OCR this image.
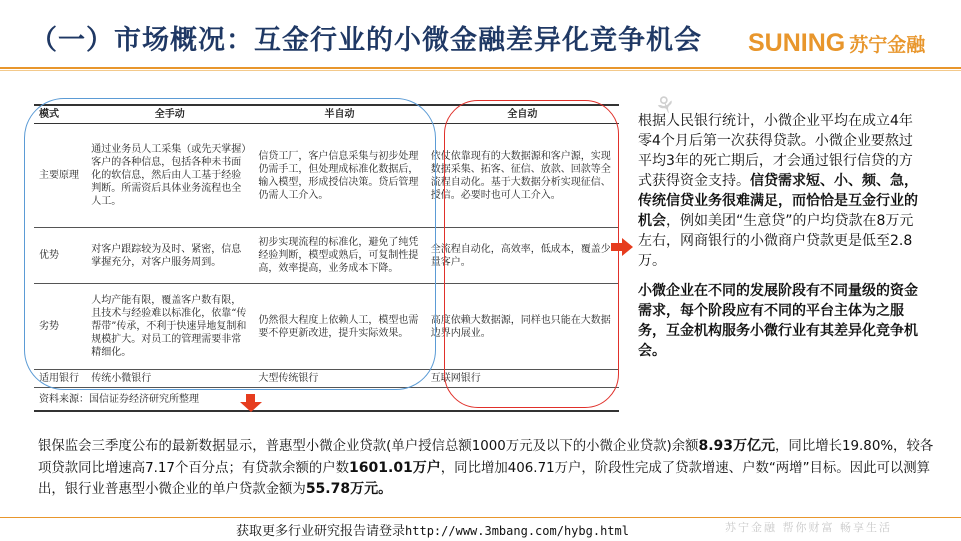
（一）市场概况：互金行业的小微金融差异化竞争机会 SUNING 苏宁金融
模式	全手动	半自动	全自动
主要原理	通过业务员人工采集（或先天掌握）客户的各种信息，包括各种未书面化的软信息，然后由人工基于经验判断。所需资后具体业务流程也全人工。	信贷工厂，客户信息采集与初步处理仍需手工，但处理成标准化数据后，输入模型，形成授信决策。贷后管理仍需人工介入。	依仗依靠现有的大数据源和客户源，实现数据采集、拓客、征信、放款、回款等全流程自动化。基于大数据分析实现征信、授信。必要时也可人工介入。
优势	对客户跟踪较为及时、紧密，信息掌握充分，对客户服务周到。	初步实现流程的标准化，避免了纯凭经验判断，模型或熟后，可复制性提高，效率提高，业务成本下降。	全流程自动化，高效率，低成本，覆盖少量客户。
劣势	人均产能有限，覆盖客户数有限，且技术与经验难以标准化，依靠“传帮带”传承，不利于快速异地复制和规模扩大。对员工的管理需要非常精细化。	仍然很大程度上依赖人工，模型也需要不停更新改进，提升实际效果。	高度依赖大数据源，同样也只能在大数据边界内展业。
适用银行	传统小微银行	大型传统银行	互联网银行
资料来源：国信证券经济研究所整理			
⚘

根据人民银行统计，小微企业平均在成立4年零4个月后第一次获得贷款。小微企业要熬过平均3年的死亡期后，才会通过银行信贷的方式获得资金支持。信贷需求短、小、频、急，传统信贷业务很难满足，而恰恰是互金行业的机会，例如美团“生意贷”的户均贷款在8万元左右，网商银行的小微商户贷款更是低至2.8万。

小微企业在不同的发展阶段有不同量级的资金需求，每个阶段应有不同的平台主体为之服务，互金机构服务小微行业有其差异化竞争机会。

银保监会三季度公布的最新数据显示，普惠型小微企业贷款(单户授信总额1000万元及以下的小微企业贷款)余额8.93万亿元，同比增长19.80%，较各项贷款同比增速高7.17个百分点；有贷款余额的户数1601.01万户，同比增加406.71万户，阶段性完成了贷款增速、户数“两增”目标。因此可以测算出，银行业普惠型小微企业的单户贷款金额为55.78万元。
获取更多行业研究报告请登录http://www.3mbang.com/hybg.html	苏宁金融 帮你财富 畅享生活
